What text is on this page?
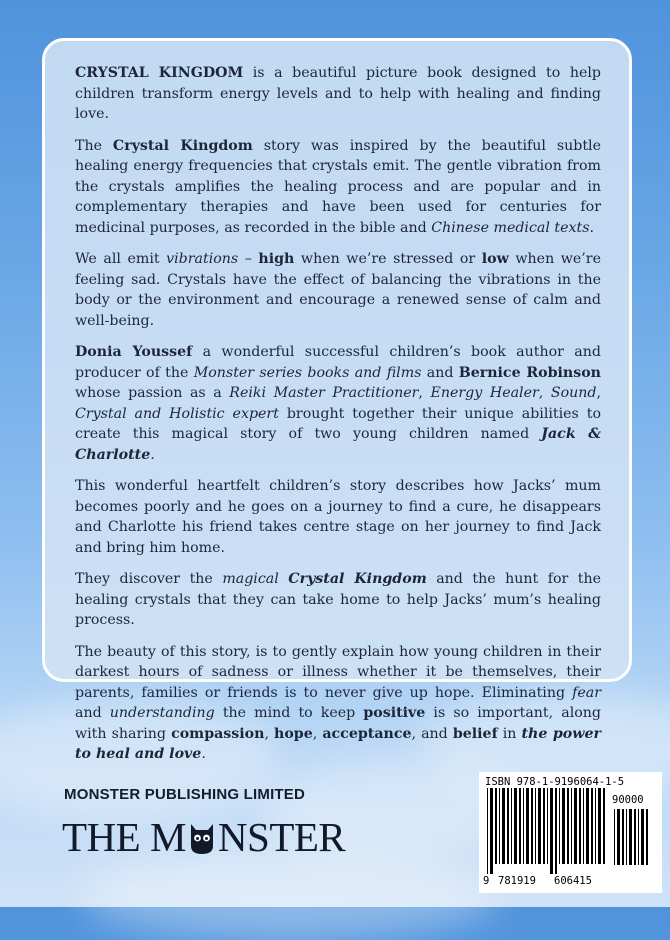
CRYSTAL KINGDOM is a beautiful picture book designed to help children transform energy levels and to help with healing and finding love.

The Crystal Kingdom story was inspired by the beautiful subtle healing energy frequencies that crystals emit. The gentle vibration from the crystals amplifies the healing process and are popular and in complementary therapies and have been used for centuries for medicinal purposes, as recorded in the bible and Chinese medical texts.

We all emit vibrations – high when we’re stressed or low when we’re feeling sad. Crystals have the effect of balancing the vibrations in the body or the environment and encourage a renewed sense of calm and well-being.

Donia Youssef a wonderful successful children’s book author and producer of the Monster series books and films and Bernice Robinson whose passion as a Reiki Master Practitioner, Energy Healer, Sound, Crystal and Holistic expert brought together their unique abilities to create this magical story of two young children named Jack & Charlotte.

This wonderful heartfelt children’s story describes how Jacks’ mum becomes poorly and he goes on a journey to find a cure, he disappears and Charlotte his friend takes centre stage on her journey to find Jack and bring him home.

They discover the magical Crystal Kingdom and the hunt for the healing crystals that they can take home to help Jacks’ mum’s healing process.

The beauty of this story, is to gently explain how young children in their darkest hours of sadness or illness whether it be themselves, their parents, families or friends is to never give up hope. Eliminating fear and understanding the mind to keep positive is so important, along with sharing compassion, hope, acceptance, and belief in the power to heal and love.

MONSTER PUBLISHING LIMITED

THE M NSTER

ISBN 978-1-9196064-1-5

90000
9 781919 606415
